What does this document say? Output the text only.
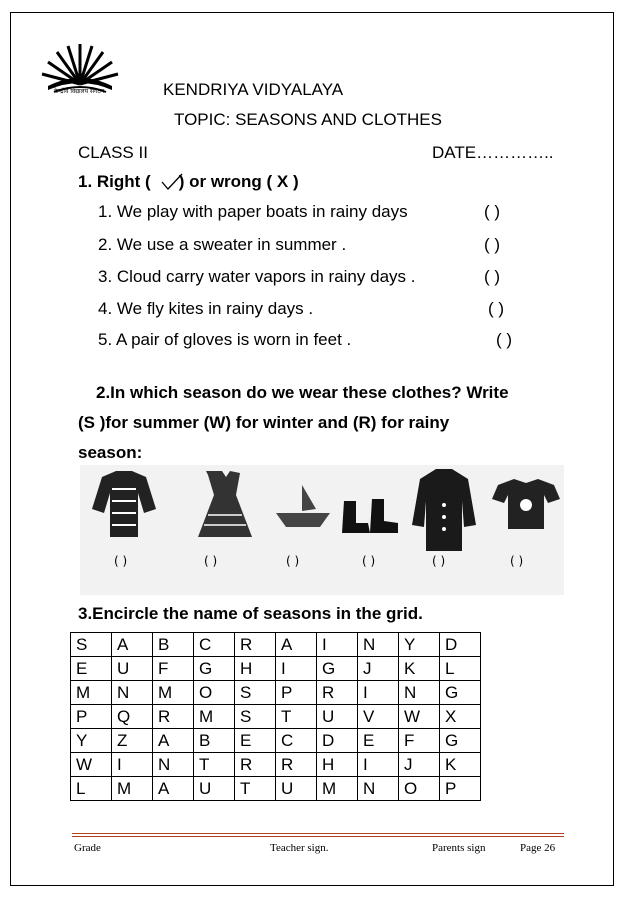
केन्द्रीय विद्यालय संगठन	KENDRIYA VIDYALAYA
TOPIC: SEASONS AND CLOTHES
CLASS II	DATE…………..
1. Right ( ) or wrong ( X )
1. We play with paper boats in rainy days	( )
2. We use a sweater in summer .	( )
3. Cloud carry water vapors in rainy days .	( )
4. We fly kites in rainy days .	( )
5. A pair of gloves is worn in feet .	( )
2.In which season do we wear these clothes? Write
(S )for summer (W) for winter and (R) for rainy
season:
( )	( )	( )	( )	( )	( )
3.Encircle the name of seasons in the grid.
S	A	B	C	R	A	I	N	Y	D
E	U	F	G	H	I	G	J	K	L
M	N	M	O	S	P	R	I	N	G
P	Q	R	M	S	T	U	V	W	X
Y	Z	A	B	E	C	D	E	F	G
W	I	N	T	R	R	H	I	J	K
L	M	A	U	T	U	M	N	O	P
Grade	Teacher sign.	Parents sign	Page 26
